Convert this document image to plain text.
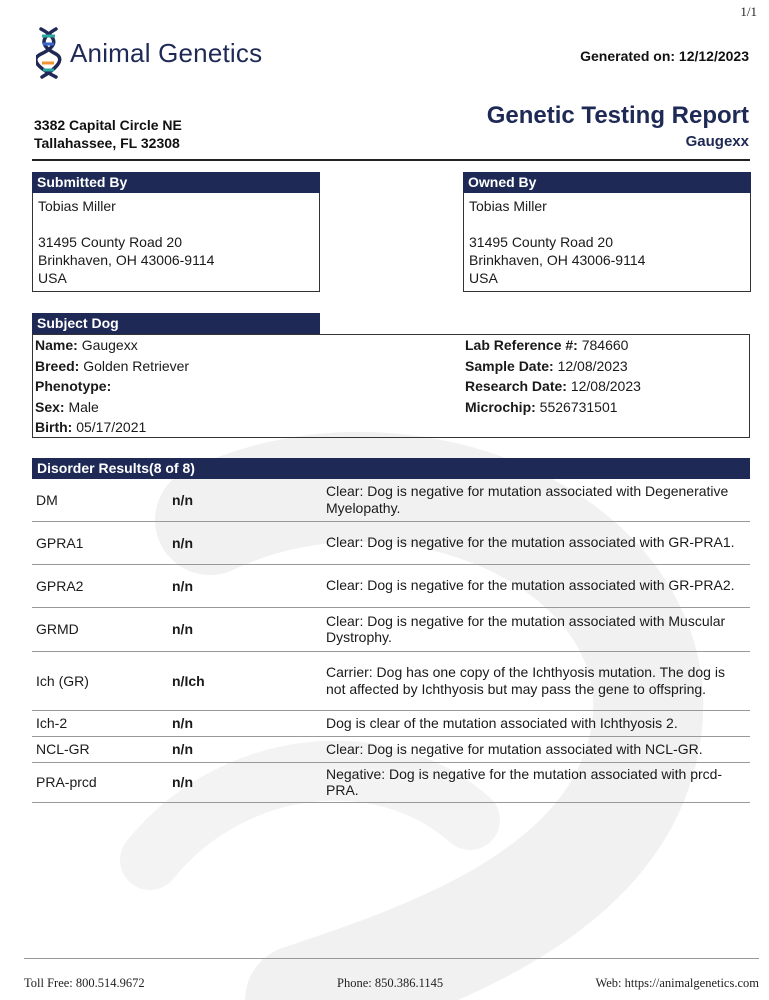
1/1
Animal Genetics	Generated on: 12/12/2023
3382 Capital Circle NE
Tallahassee, FL 32308
Genetic Testing Report
Gaugexx
Submitted By
Tobias Miller
31495 County Road 20
Brinkhaven, OH 43006-9114
USA
Owned By
Tobias Miller
31495 County Road 20
Brinkhaven, OH 43006-9114
USA
Subject Dog
Name: Gaugexx
Breed: Golden Retriever
Phenotype:
Sex: Male
Birth: 05/17/2021
Lab Reference #: 784660
Sample Date: 12/08/2023
Research Date: 12/08/2023
Microchip: 5526731501
Disorder Results(8 of 8)
DM	n/n	Clear: Dog is negative for mutation associated with Degenerative Myelopathy.
GPRA1	n/n	Clear: Dog is negative for the mutation associated with GR-PRA1.
GPRA2	n/n	Clear: Dog is negative for the mutation associated with GR-PRA2.
GRMD	n/n	Clear: Dog is negative for the mutation associated with Muscular Dystrophy.
Ich (GR)	n/Ich	Carrier: Dog has one copy of the Ichthyosis mutation. The dog is not affected by Ichthyosis but may pass the gene to offspring.
Ich-2	n/n	Dog is clear of the mutation associated with Ichthyosis 2.
NCL-GR	n/n	Clear: Dog is negative for mutation associated with NCL-GR.
PRA-prcd	n/n	Negative: Dog is negative for the mutation associated with prcd-PRA.
Toll Free: 800.514.9672	Phone: 850.386.1145	Web: https://animalgenetics.com
